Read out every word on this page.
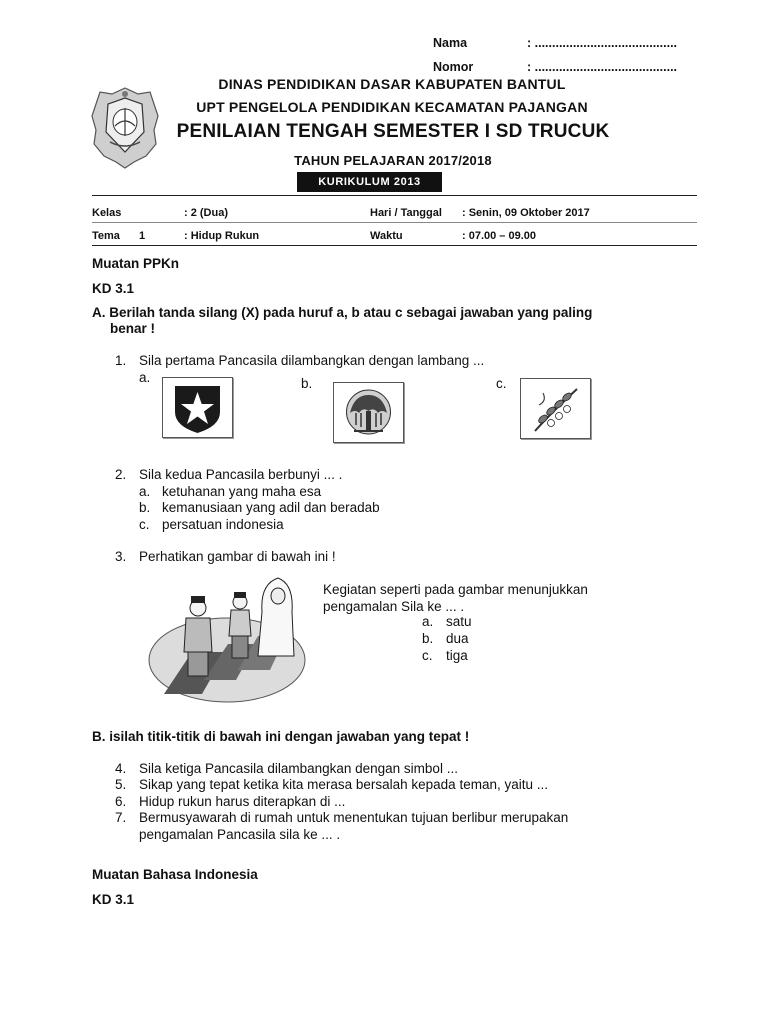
Nama	: .........................................
Nomor	: .........................................
DINAS PENDIDIKAN DASAR KABUPATEN BANTUL
UPT PENGELOLA PENDIDIKAN KECAMATAN PAJANGAN
PENILAIAN TENGAH SEMESTER I SD TRUCUK
TAHUN PELAJARAN 2017/2018
KURIKULUM 2013
Kelas	: 2 (Dua)	Hari / Tanggal : Senin, 09 Oktober 2017
Tema 1	: Hidup Rukun	Waktu	: 07.00 – 09.00
Muatan PPKn
KD 3.1
A. Berilah tanda silang (X) pada huruf a, b atau c sebagai jawaban yang paling
benar !
1. Sila pertama Pancasila dilambangkan dengan lambang ...
a.	b.	c.
2. Sila kedua Pancasila berbunyi ... .
a. ketuhanan yang maha esa
b. kemanusiaan yang adil dan beradab
c. persatuan indonesia
3. Perhatikan gambar di bawah ini !
Kegiatan seperti pada gambar menunjukkan
pengamalan Sila ke ... .
a. satu
b. dua
c. tiga
B. isilah titik-titik di bawah ini dengan jawaban yang tepat !
4. Sila ketiga Pancasila dilambangkan dengan simbol ...
5. Sikap yang tepat ketika kita merasa bersalah kepada teman, yaitu ...
6. Hidup rukun harus diterapkan di ...
7. Bermusyawarah di rumah untuk menentukan tujuan berlibur merupakan
pengamalan Pancasila sila ke ... .
Muatan Bahasa Indonesia
KD 3.1
